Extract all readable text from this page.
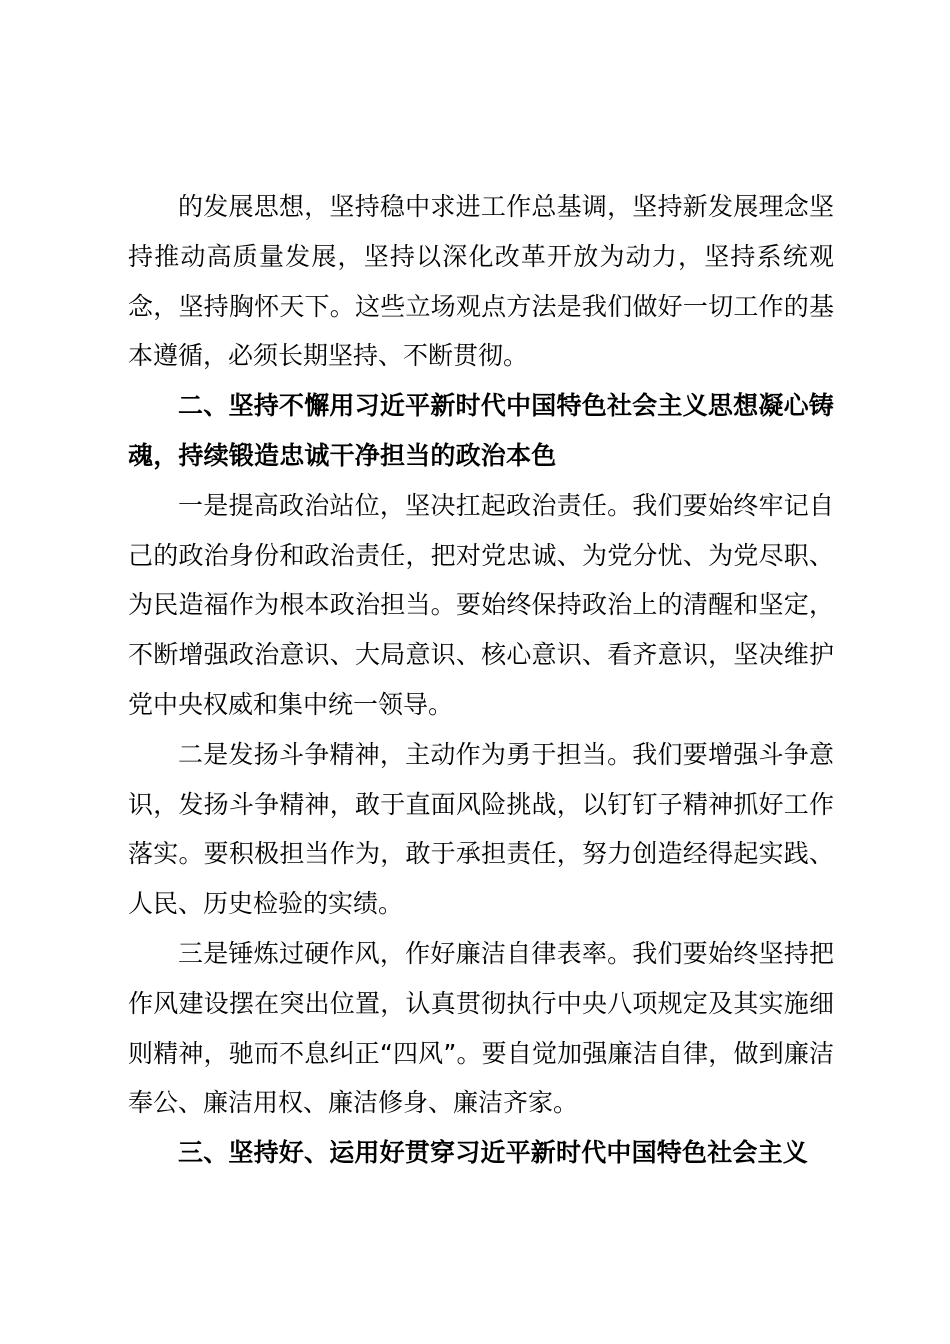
的发展思想，坚持稳中求进工作总基调，坚持新发展理念坚持推动高质量发展，坚持以深化改革开放为动力，坚持系统观念，坚持胸怀天下。这些立场观点方法是我们做好一切工作的基本遵循，必须长期坚持、不断贯彻。

二、坚持不懈用习近平新时代中国特色社会主义思想凝心铸魂，持续锻造忠诚干净担当的政治本色

一是提高政治站位，坚决扛起政治责任。我们要始终牢记自己的政治身份和政治责任，把对党忠诚、为党分忧、为党尽职、为民造福作为根本政治担当。要始终保持政治上的清醒和坚定，不断增强政治意识、大局意识、核心意识、看齐意识，坚决维护党中央权威和集中统一领导。

二是发扬斗争精神，主动作为勇于担当。我们要增强斗争意识，发扬斗争精神，敢于直面风险挑战，以钉钉子精神抓好工作落实。要积极担当作为，敢于承担责任，努力创造经得起实践、人民、历史检验的实绩。

三是锤炼过硬作风，作好廉洁自律表率。我们要始终坚持把作风建设摆在突出位置，认真贯彻执行中央八项规定及其实施细则精神，驰而不息纠正“四风”。要自觉加强廉洁自律，做到廉洁奉公、廉洁用权、廉洁修身、廉洁齐家。

三、坚持好、运用好贯穿习近平新时代中国特色社会主义
